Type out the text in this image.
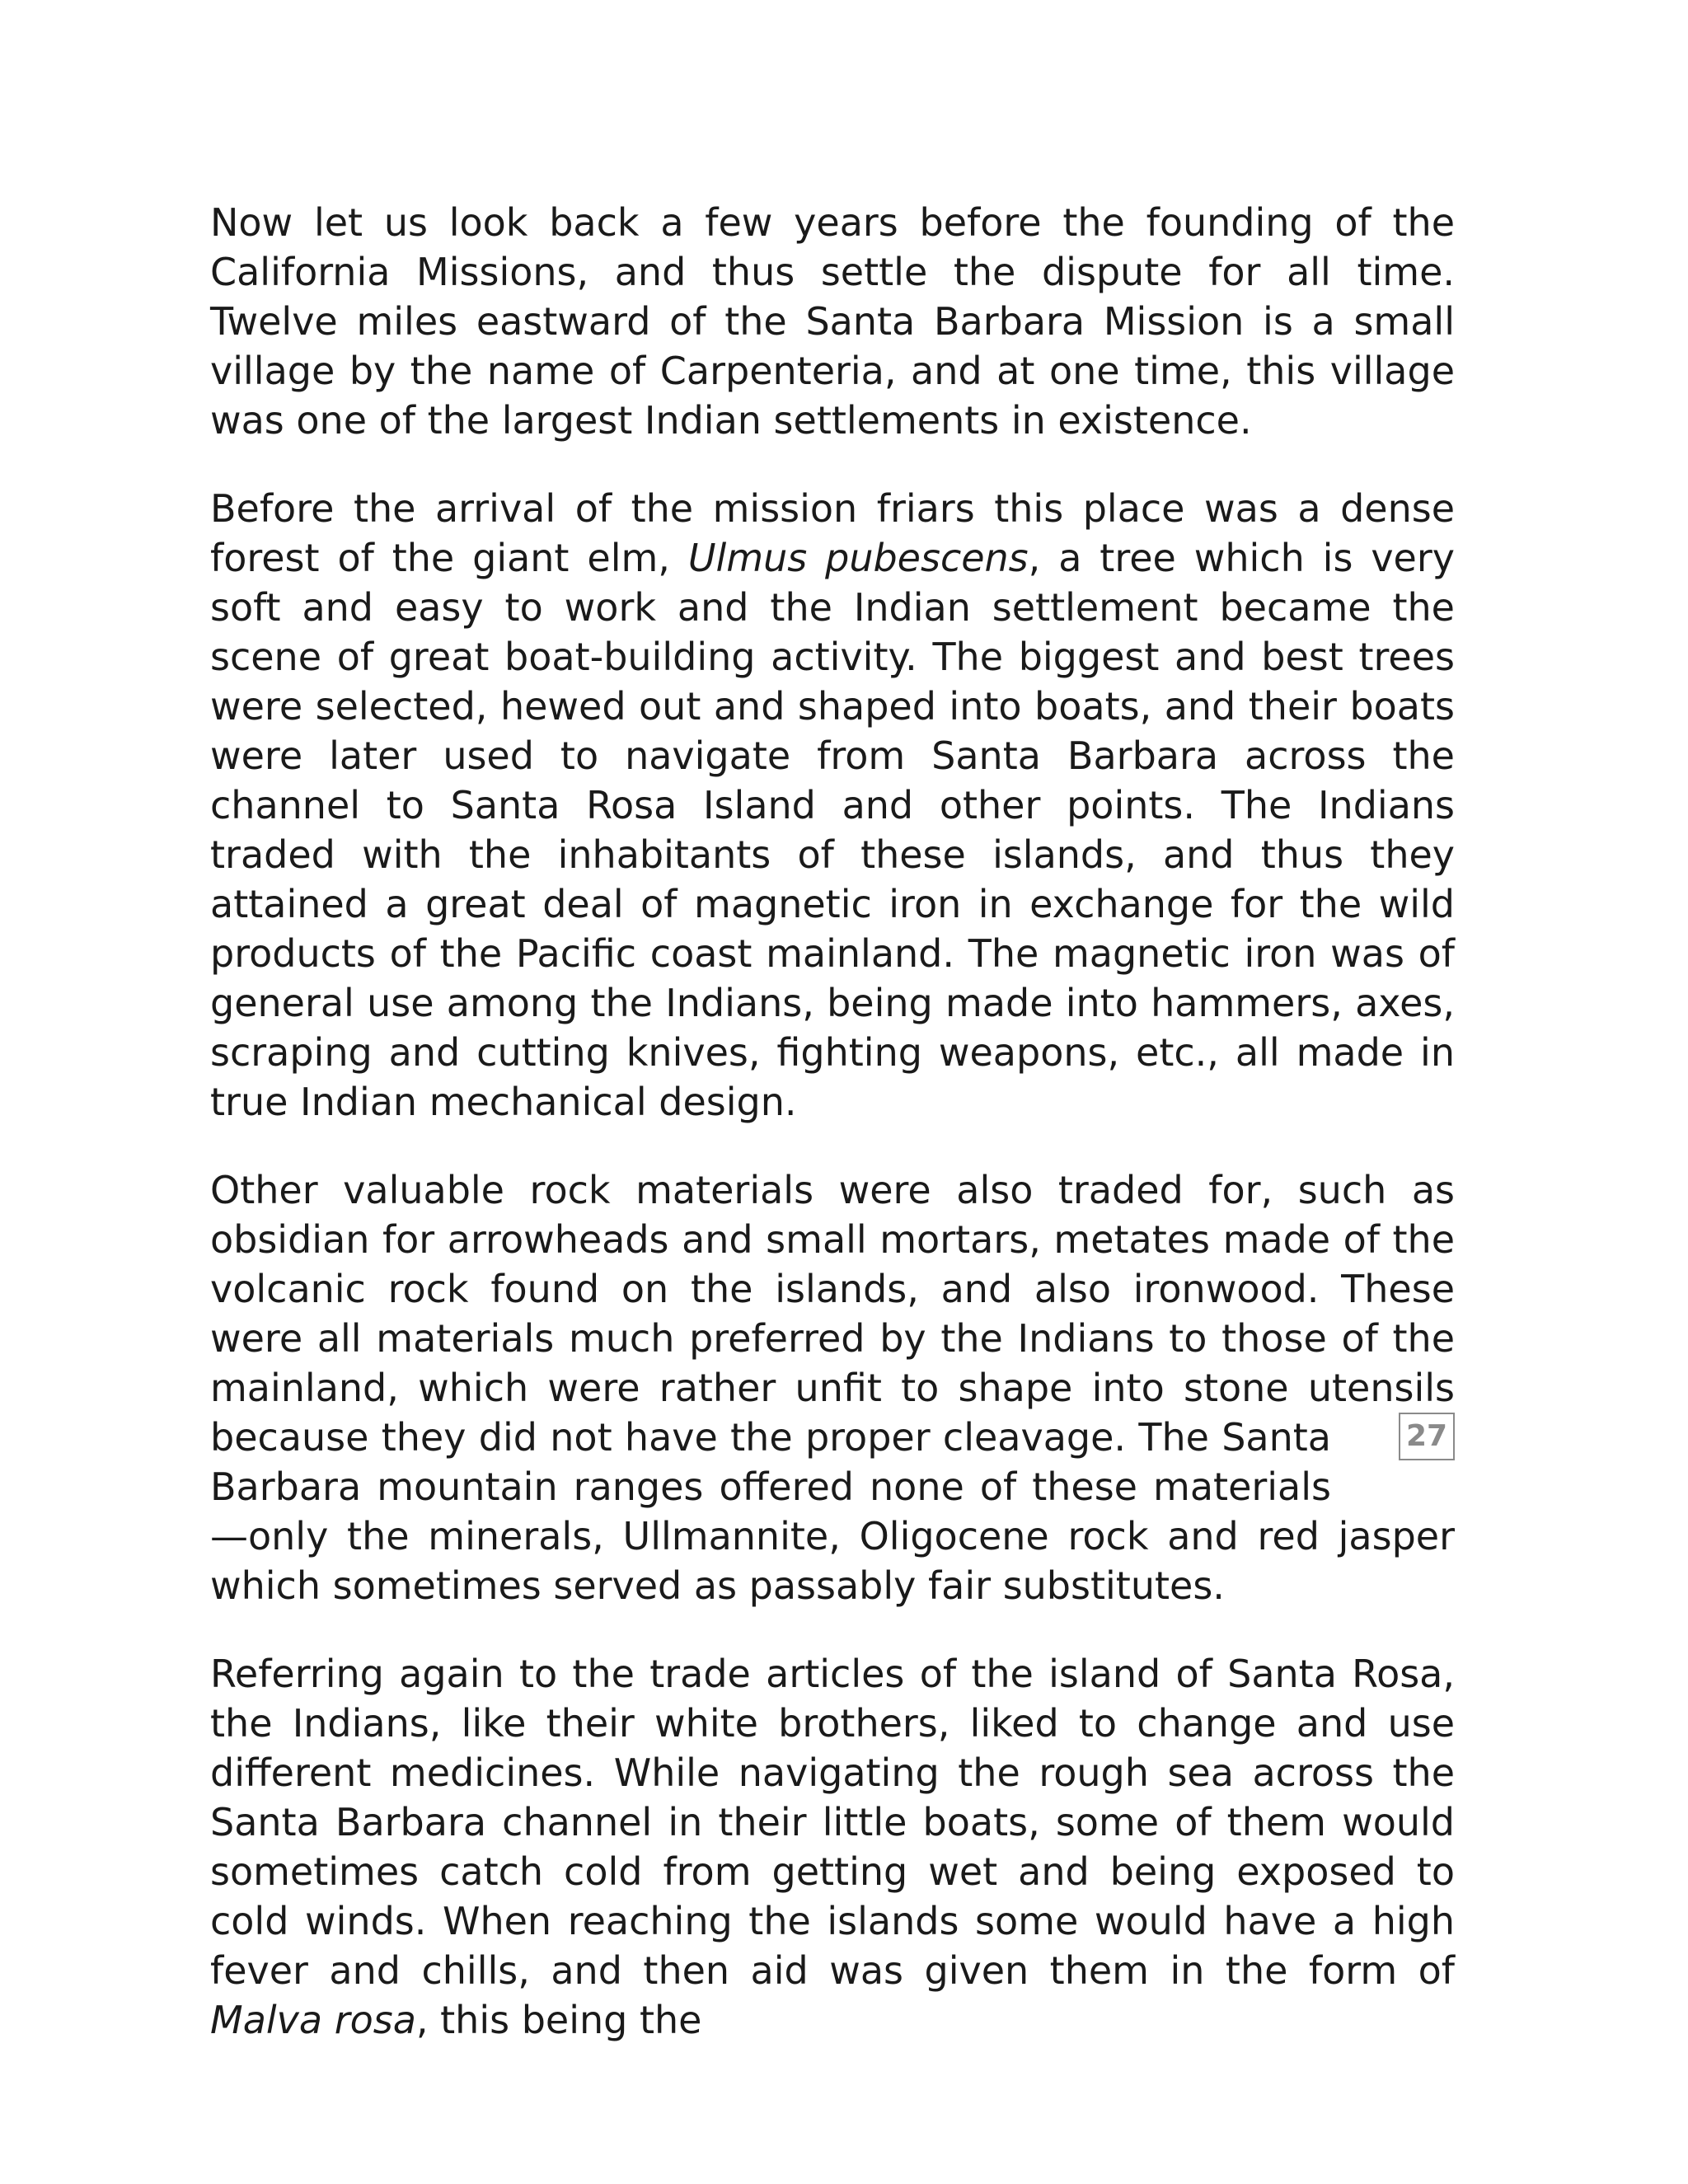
Now let us look back a few years before the founding of the California Missions, and thus settle the dispute for all time. Twelve miles eastward of the Santa Barbara Mission is a small village by the name of Carpenteria, and at one time, this village was one of the largest Indian settlements in existence.

Before the arrival of the mission friars this place was a dense forest of the giant elm, Ulmus pubescens, a tree which is very soft and easy to work and the Indian settlement became the scene of great boat-building activity. The biggest and best trees were selected, hewed out and shaped into boats, and their boats were later used to navigate from Santa Barbara across the channel to Santa Rosa Island and other points. The Indians traded with the inhabitants of these islands, and thus they attained a great deal of magnetic iron in exchange for the wild products of the Pacific coast mainland. The magnetic iron was of general use among the Indians, being made into hammers, axes, scraping and cutting knives, fighting weapons, etc., all made in true Indian mechanical design.

27
Other valuable rock materials were also traded for, such as obsidian for arrowheads and small mortars, metates made of the volcanic rock found on the islands, and also ironwood. These were all materials much preferred by the Indians to those of the mainland, which were rather unfit to shape into stone utensils because they did not have the proper cleavage. The Santa Barbara mountain ranges offered none of these materials—only the minerals, Ullmannite, Oligocene rock and red jasper which sometimes served as passably fair substitutes.

Referring again to the trade articles of the island of Santa Rosa, the Indians, like their white brothers, liked to change and use different medicines. While navigating the rough sea across the Santa Barbara channel in their little boats, some of them would sometimes catch cold from getting wet and being exposed to cold winds. When reaching the islands some would have a high fever and chills, and then aid was given them in the form of Malva rosa, this being the
